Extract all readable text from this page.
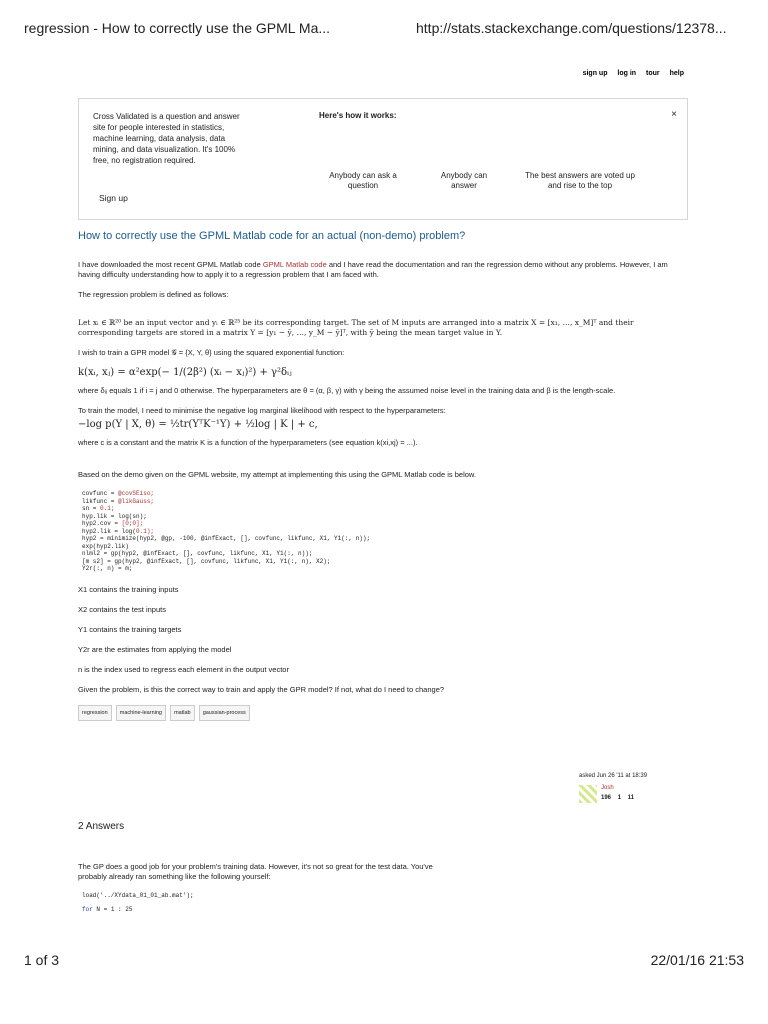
regression - How to correctly use the GPML Ma...	http://stats.stackexchange.com/questions/12378...
sign up log in tour help
Cross Validated is a question and answer site for people interested in statistics, machine learning, data analysis, data mining, and data visualization. It's 100% free, no registration required.
Sign up
Here's how it works:	×
Anybody can ask a question
Anybody can answer
The best answers are voted up and rise to the top
How to correctly use the GPML Matlab code for an actual (non-demo) problem?

I have downloaded the most recent GPML Matlab code GPML Matlab code and I have read the documentation and ran the regression demo without any problems. However, I am having difficulty understanding how to apply it to a regression problem that I am faced with.

The regression problem is defined as follows:

Let xᵢ ∈ ℝ²⁰ be an input vector and yᵢ ∈ ℝ²⁵ be its corresponding target. The set of M inputs are arranged into a matrix X = [x₁, …, x_M]ᵀ and their corresponding targets are stored in a matrix Y = [y₁ − ȳ, …, y_M − ȳ]ᵀ, with ȳ being the mean target value in Y.

I wish to train a GPR model 𝒢 = {X, Y, θ} using the squared exponential function:

k(xᵢ, xⱼ) = α²exp(− 1/(2β²) (xᵢ − xⱼ)²) + γ²δᵢⱼ

where δᵢⱼ equals 1 if i = j and 0 otherwise. The hyperparameters are θ = (α, β, γ) with γ being the assumed noise level in the training data and β is the length-scale.

To train the model, I need to minimise the negative log marginal likelihood with respect to the hyperparameters:

−log p(Y | X, θ) = ½tr(YᵀK⁻¹Y) + ½log | K | + c,

where c is a constant and the matrix K is a function of the hyperparameters (see equation k(xi,xj) = ...).

Based on the demo given on the GPML website, my attempt at implementing this using the GPML Matlab code is below.

covfunc = @covSEiso;
likfunc = @likGauss;
sn = 0.1;
hyp.lik = log(sn);
hyp2.cov = [0;0];
hyp2.lik = log(0.1);
hyp2 = minimize(hyp2, @gp, -100, @infExact, [], covfunc, likfunc, X1, Y1(:, n));
exp(hyp2.lik)
nlml2 = gp(hyp2, @infExact, [], covfunc, likfunc, X1, Y1(:, n));
[m s2] = gp(hyp2, @infExact, [], covfunc, likfunc, X1, Y1(:, n), X2);
Y2r(:, n) = m;

X1 contains the training inputs

X2 contains the test inputs

Y1 contains the training targets

Y2r are the estimates from applying the model

n is the index used to regress each element in the output vector

Given the problem, is this the correct way to train and apply the GPR model? If not, what do I need to change?

regression machine-learning matlab gaussian-process
asked Jun 26 '11 at 18:39
Josh
196 1 11
2 Answers

The GP does a good job for your problem's training data. However, it's not so great for the test data. You've probably already ran something like the following yourself:

load('../XYdata_01_01_ab.mat');
for N = 1 : 25
1 of 3	22/01/16 21:53
